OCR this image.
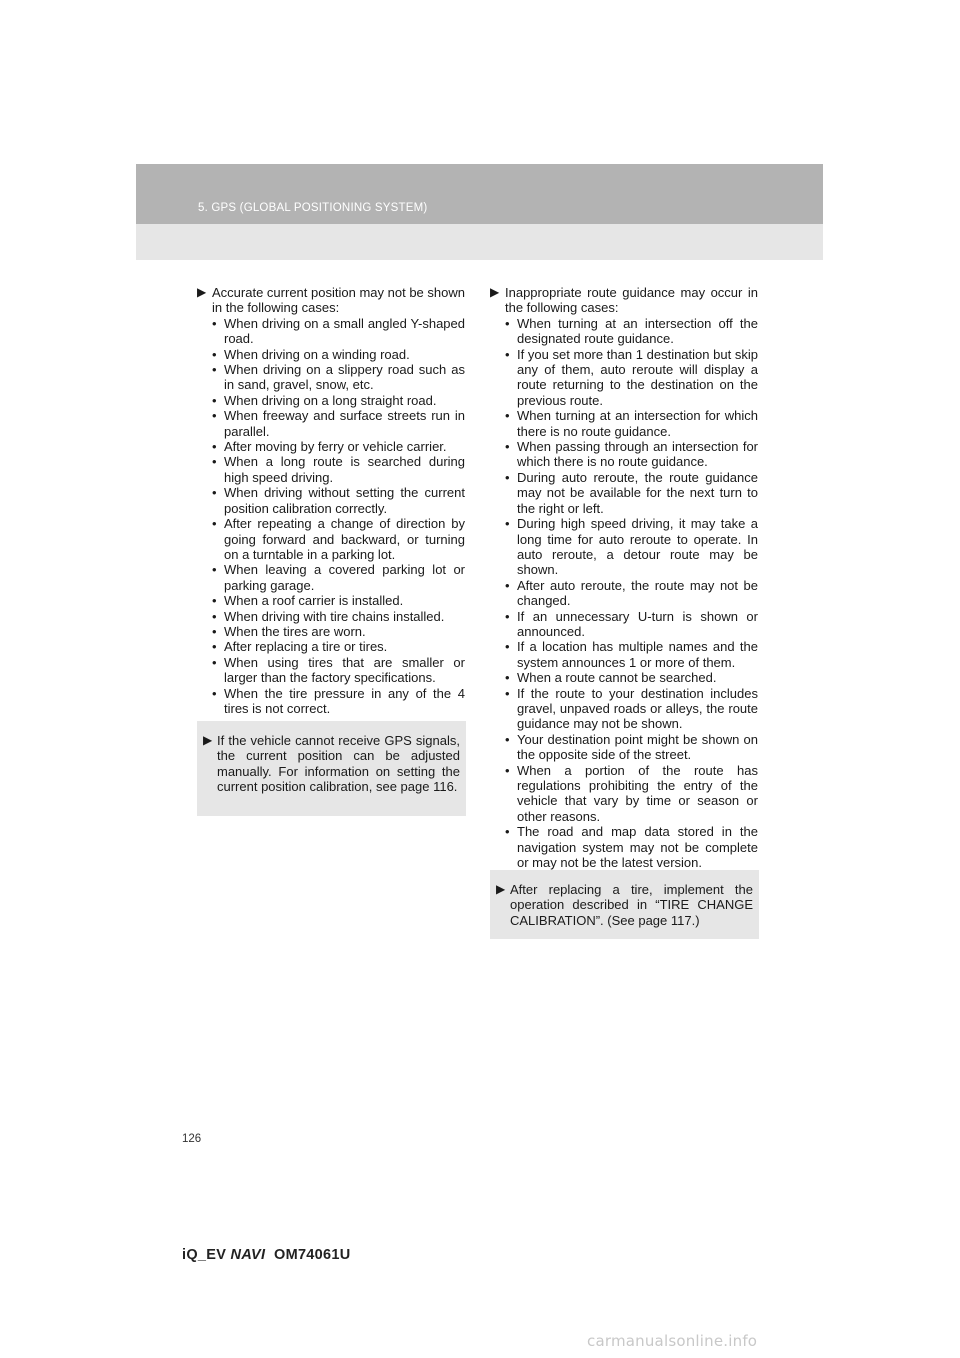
5. GPS (GLOBAL POSITIONING SYSTEM)
▶ Accurate current position may not be shown in the following cases:
• When driving on a small angled Y-shaped road.
• When driving on a winding road.
• When driving on a slippery road such as in sand, gravel, snow, etc.
• When driving on a long straight road.
• When freeway and surface streets run in parallel.
• After moving by ferry or vehicle carrier.
• When a long route is searched during high speed driving.
• When driving without setting the current position calibration correctly.
• After repeating a change of direction by going forward and backward, or turning on a turntable in a parking lot.
• When leaving a covered parking lot or parking garage.
• When a roof carrier is installed.
• When driving with tire chains installed.
• When the tires are worn.
• After replacing a tire or tires.
• When using tires that are smaller or larger than the factory specifications.
• When the tire pressure in any of the 4 tires is not correct.
▶ If the vehicle cannot receive GPS signals, the current position can be adjusted manually. For information on setting the current position calibration, see page 116.
▶ Inappropriate route guidance may occur in the following cases:
• When turning at an intersection off the designated route guidance.
• If you set more than 1 destination but skip any of them, auto reroute will display a route returning to the destination on the previous route.
• When turning at an intersection for which there is no route guidance.
• When passing through an intersection for which there is no route guidance.
• During auto reroute, the route guidance may not be available for the next turn to the right or left.
• During high speed driving, it may take a long time for auto reroute to operate. In auto reroute, a detour route may be shown.
• After auto reroute, the route may not be changed.
• If an unnecessary U-turn is shown or announced.
• If a location has multiple names and the system announces 1 or more of them.
• When a route cannot be searched.
• If the route to your destination includes gravel, unpaved roads or alleys, the route guidance may not be shown.
• Your destination point might be shown on the opposite side of the street.
• When a portion of the route has regulations prohibiting the entry of the vehicle that vary by time or season or other reasons.
• The road and map data stored in the navigation system may not be complete or may not be the latest version.
▶ After replacing a tire, implement the operation described in “TIRE CHANGE CALIBRATION”. (See page 117.)
126
iQ_EV NAVI  OM74061U
carmanualsonline.info
